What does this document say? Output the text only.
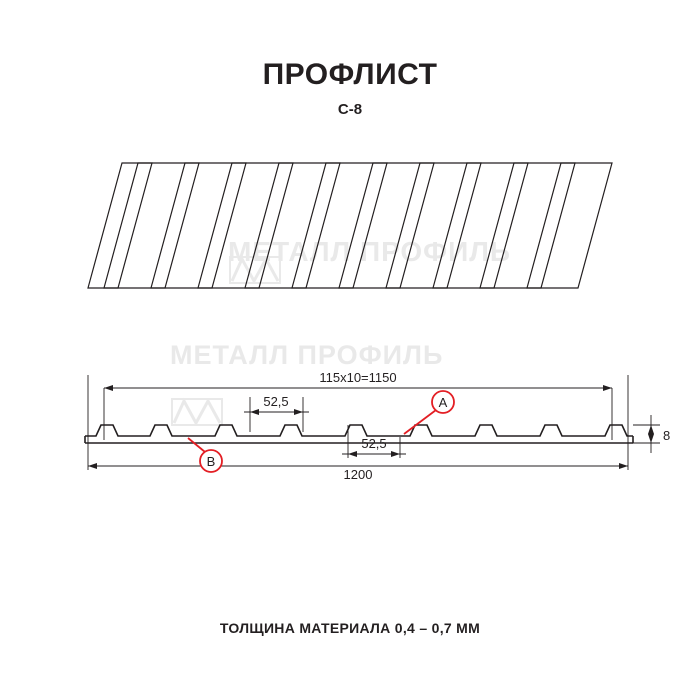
ПРОФЛИСТ
С-8
МЕТАЛЛ ПРОФИЛЬ
МЕТАЛЛ ПРОФИЛЬ
115х10=1150
1200
52,5
52,5
8
A
B
ТОЛЩИНА МАТЕРИАЛА 0,4 – 0,7 ММ
